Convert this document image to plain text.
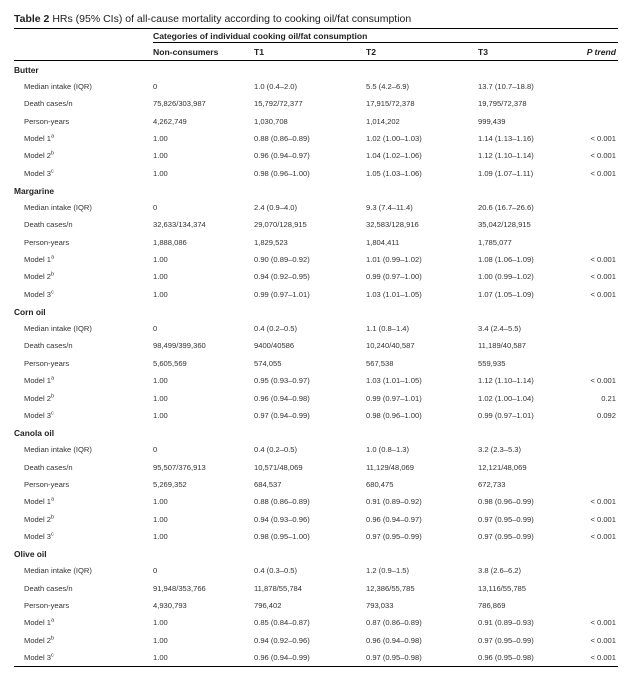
Table 2 HRs (95% CIs) of all-cause mortality according to cooking oil/fat consumption
Categories of individual cooking oil/fat consumption
Non-consumers	T1	T2	T3	P trend
Butter
Median intake (IQR)	0	1.0 (0.4–2.0)	5.5 (4.2–6.9)	13.7 (10.7–18.8)
Death cases/n	75,826/303,987	15,792/72,377	17,915/72,378	19,795/72,378
Person-years	4,262,749	1,030,708	1,014,202	999,439
Model 1$^a$	1.00	0.88 (0.86–0.89)	1.02 (1.00–1.03)	1.14 (1.13–1.16)	< 0.001
Model 2$^b$	1.00	0.96 (0.94–0.97)	1.04 (1.02–1.06)	1.12 (1.10–1.14)	< 0.001
Model 3$^c$	1.00	0.98 (0.96–1.00)	1.05 (1.03–1.06)	1.09 (1.07–1.11)	< 0.001
Margarine
Median intake (IQR)	0	2.4 (0.9–4.0)	9.3 (7.4–11.4)	20.6 (16.7–26.6)
Death cases/n	32,633/134,374	29,070/128,915	32,583/128,916	35,042/128,915
Person-years	1,888,086	1,829,523	1,804,411	1,785,077
Model 1$^a$	1.00	0.90 (0.89–0.92)	1.01 (0.99–1.02)	1.08 (1.06–1.09)	< 0.001
Model 2$^b$	1.00	0.94 (0.92–0.95)	0.99 (0.97–1.00)	1.00 (0.99–1.02)	< 0.001
Model 3$^c$	1.00	0.99 (0.97–1.01)	1.03 (1.01–1.05)	1.07 (1.05–1.09)	< 0.001
Corn oil
Median intake (IQR)	0	0.4 (0.2–0.5)	1.1 (0.8–1.4)	3.4 (2.4–5.5)
Death cases/n	98,499/399,360	9400/40586	10,240/40,587	11,189/40,587
Person-years	5,605,569	574,055	567,538	559,935
Model 1$^a$	1.00	0.95 (0.93–0.97)	1.03 (1.01–1.05)	1.12 (1.10–1.14)	< 0.001
Model 2$^b$	1.00	0.96 (0.94–0.98)	0.99 (0.97–1.01)	1.02 (1.00–1.04)	0.21
Model 3$^c$	1.00	0.97 (0.94–0.99)	0.98 (0.96–1.00)	0.99 (0.97–1.01)	0.092
Canola oil
Median intake (IQR)	0	0.4 (0.2–0.5)	1.0 (0.8–1.3)	3.2 (2.3–5.3)
Death cases/n	95,507/376,913	10,571/48,069	11,129/48,069	12,121/48,069
Person-years	5,269,352	684,537	680,475	672,733
Model 1$^a$	1.00	0.88 (0.86–0.89)	0.91 (0.89–0.92)	0.98 (0.96–0.99)	< 0.001
Model 2$^b$	1.00	0.94 (0.93–0.96)	0.96 (0.94–0.97)	0.97 (0.95–0.99)	< 0.001
Model 3$^c$	1.00	0.98 (0.95–1.00)	0.97 (0.95–0.99)	0.97 (0.95–0.99)	< 0.001
Olive oil
Median intake (IQR)	0	0.4 (0.3–0.5)	1.2 (0.9–1.5)	3.8 (2.6–6.2)
Death cases/n	91,948/353,766	11,878/55,784	12,386/55,785	13,116/55,785
Person-years	4,930,793	796,402	793,033	786,869
Model 1$^a$	1.00	0.85 (0.84–0.87)	0.87 (0.86–0.89)	0.91 (0.89–0.93)	< 0.001
Model 2$^b$	1.00	0.94 (0.92–0.96)	0.96 (0.94–0.98)	0.97 (0.95–0.99)	< 0.001
Model 3$^c$	1.00	0.96 (0.94–0.99)	0.97 (0.95–0.98)	0.96 (0.95–0.98)	< 0.001
